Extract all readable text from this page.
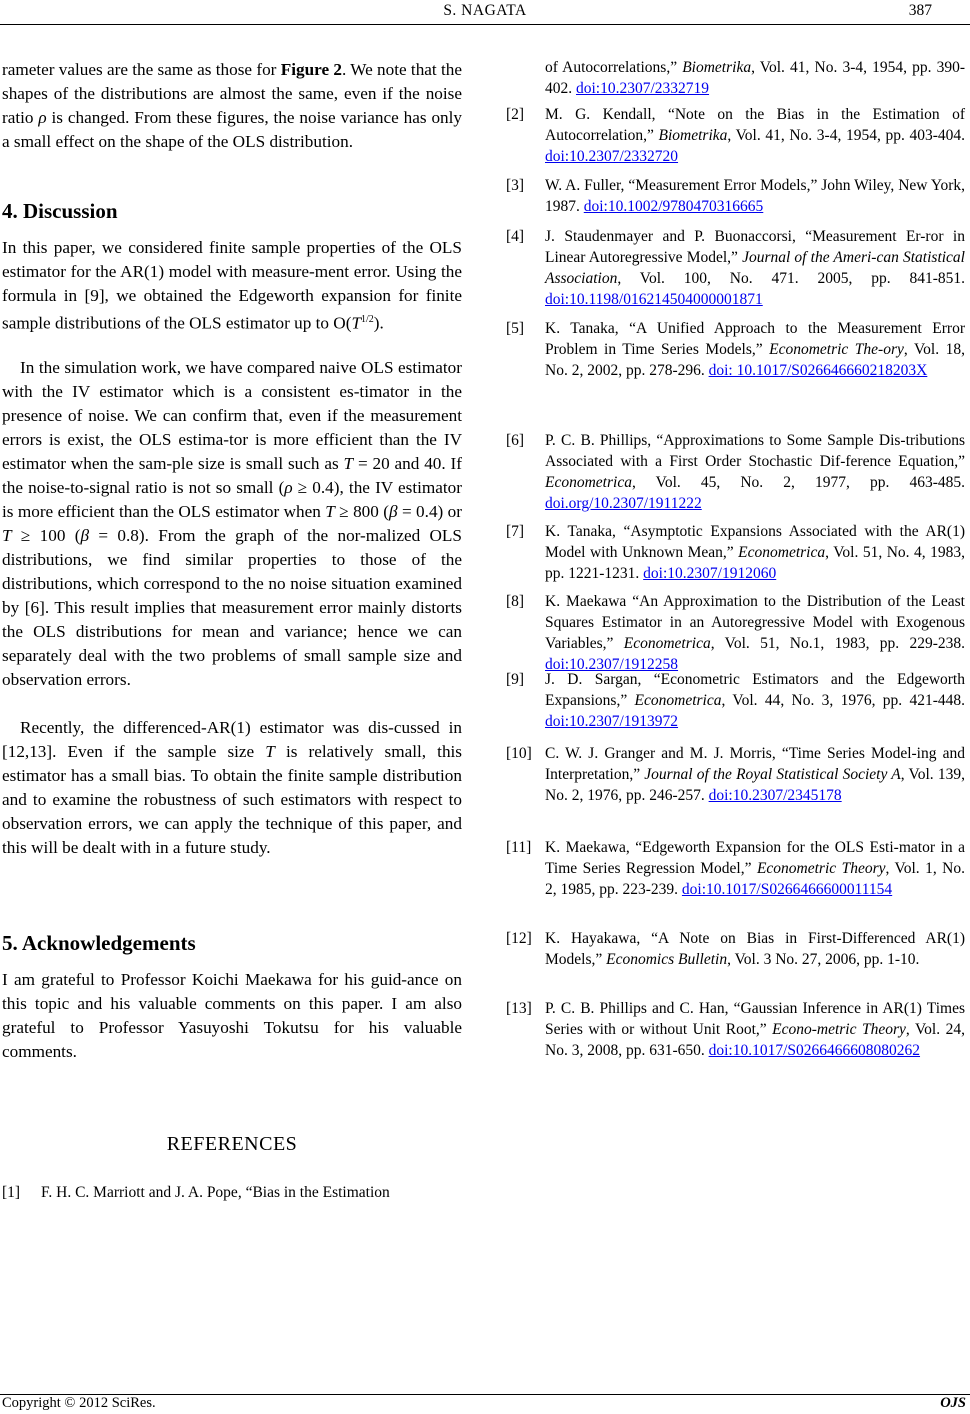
S. NAGATA	387

rameter values are the same as those for Figure 2. We note that the shapes of the distributions are almost the same, even if the noise ratio ρ is changed. From these figures, the noise variance has only a small effect on the shape of the OLS distribution.

4. Discussion

In this paper, we considered finite sample properties of the OLS estimator for the AR(1) model with measure-ment error. Using the formula in [9], we obtained the Edgeworth expansion for finite sample distributions of the OLS estimator up to $O(T^{1/2})$.

In the simulation work, we have compared naive OLS estimator with the IV estimator which is a consistent es-timator in the presence of noise. We can confirm that, even if the measurement errors is exist, the OLS estima-tor is more efficient than the IV estimator when the sam-ple size is small such as T = 20 and 40. If the noise-to-signal ratio is not so small (ρ ≥ 0.4), the IV estimator is more efficient than the OLS estimator when T ≥ 800 (β = 0.4) or T ≥ 100 (β = 0.8). From the graph of the nor-malized OLS distributions, we find similar properties to those of the distributions, which correspond to the no noise situation examined by [6]. This result implies that measurement error mainly distorts the OLS distributions for mean and variance; hence we can separately deal with the two problems of small sample size and observation errors.

Recently, the differenced-AR(1) estimator was dis-cussed in [12,13]. Even if the sample size T is relatively small, this estimator has a small bias. To obtain the finite sample distribution and to examine the robustness of such estimators with respect to observation errors, we can apply the technique of this paper, and this will be dealt with in a future study.

5. Acknowledgements

I am grateful to Professor Koichi Maekawa for his guid-ance on this topic and his valuable comments on this paper. I am also grateful to Professor Yasuyoshi Tokutsu for his valuable comments.

REFERENCES
[1] F. H. C. Marriott and J. A. Pope, “Bias in the Estimation
of Autocorrelations,” Biometrika, Vol. 41, No. 3-4, 1954, pp. 390-402. doi:10.2307/2332719
[2] M. G. Kendall, “Note on the Bias in the Estimation of Autocorrelation,” Biometrika, Vol. 41, No. 3-4, 1954, pp. 403-404. doi:10.2307/2332720
[3] W. A. Fuller, “Measurement Error Models,” John Wiley, New York, 1987. doi:10.1002/9780470316665
[4] J. Staudenmayer and P. Buonaccorsi, “Measurement Er-ror in Linear Autoregressive Model,” Journal of the Ameri-can Statistical Association, Vol. 100, No. 471. 2005, pp. 841-851. doi:10.1198/016214504000001871
[5] K. Tanaka, “A Unified Approach to the Measurement Error Problem in Time Series Models,” Econometric The-ory, Vol. 18, No. 2, 2002, pp. 278-296. doi: 10.1017/S026646660218203X
[6] P. C. B. Phillips, “Approximations to Some Sample Dis-tributions Associated with a First Order Stochastic Dif-ference Equation,” Econometrica, Vol. 45, No. 2, 1977, pp. 463-485. doi.org/10.2307/1911222
[7] K. Tanaka, “Asymptotic Expansions Associated with the AR(1) Model with Unknown Mean,” Econometrica, Vol. 51, No. 4, 1983, pp. 1221-1231. doi:10.2307/1912060
[8] K. Maekawa “An Approximation to the Distribution of the Least Squares Estimator in an Autoregressive Model with Exogenous Variables,” Econometrica, Vol. 51, No.1, 1983, pp. 229-238. doi:10.2307/1912258
[9] J. D. Sargan, “Econometric Estimators and the Edgeworth Expansions,” Econometrica, Vol. 44, No. 3, 1976, pp. 421-448. doi:10.2307/1913972
[10] C. W. J. Granger and M. J. Morris, “Time Series Model-ing and Interpretation,” Journal of the Royal Statistical Society A, Vol. 139, No. 2, 1976, pp. 246-257. doi:10.2307/2345178
[11] K. Maekawa, “Edgeworth Expansion for the OLS Esti-mator in a Time Series Regression Model,” Econometric Theory, Vol. 1, No. 2, 1985, pp. 223-239. doi:10.1017/S0266466600011154
[12] K. Hayakawa, “A Note on Bias in First-Differenced AR(1) Models,” Economics Bulletin, Vol. 3 No. 27, 2006, pp. 1-10.
[13] P. C. B. Phillips and C. Han, “Gaussian Inference in AR(1) Times Series with or without Unit Root,” Econo-metric Theory, Vol. 24, No. 3, 2008, pp. 631-650. doi:10.1017/S0266466608080262
Copyright © 2012 SciRes.	OJS
